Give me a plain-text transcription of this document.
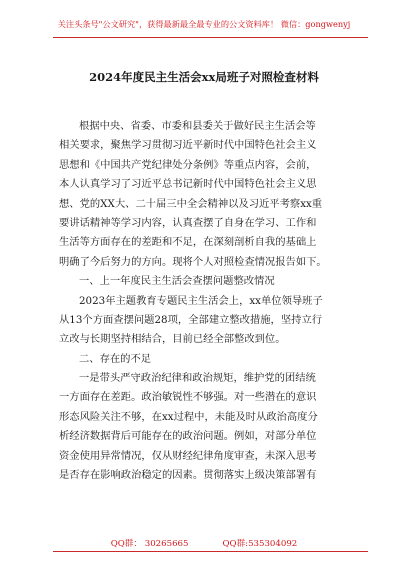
关注头条号"公文研究"，获得最新最全最专业的公文资料库！ 微信：gongwenyj
2024年度民主生活会xx局班子对照检查材料
根据中央、省委、市委和县委关于做好民主生活会等
相关要求，聚焦学习贯彻习近平新时代中国特色社会主义
思想和《中国共产党纪律处分条例》等重点内容，会前，
本人认真学习了习近平总书记新时代中国特色社会主义思
想、党的XX大、二十届三中全会精神以及习近平考察xx重
要讲话精神等学习内容，认真查摆了自身在学习、工作和
生活等方面存在的差距和不足，在深刻剖析自我的基础上
明确了今后努力的方向。现将个人对照检查情况报告如下。
一、上一年度民主生活会查摆问题整改情况
2023年主题教育专题民主生活会上，xx单位领导班子
从13个方面查摆问题28项，全部建立整改措施，坚持立行
立改与长期坚持相结合，目前已经全部整改到位。
二、存在的不足
一是带头严守政治纪律和政治规矩，维护党的团结统
一方面存在差距。政治敏锐性不够强。对一些潜在的意识
形态风险关注不够，在xx过程中，未能及时从政治高度分
析经济数据背后可能存在的政治问题。例如，对部分单位
资金使用异常情况，仅从财经纪律角度审查，未深入思考
是否存在影响政治稳定的因素。贯彻落实上级决策部署有
QQ群： 30265665	QQ群:535304092
